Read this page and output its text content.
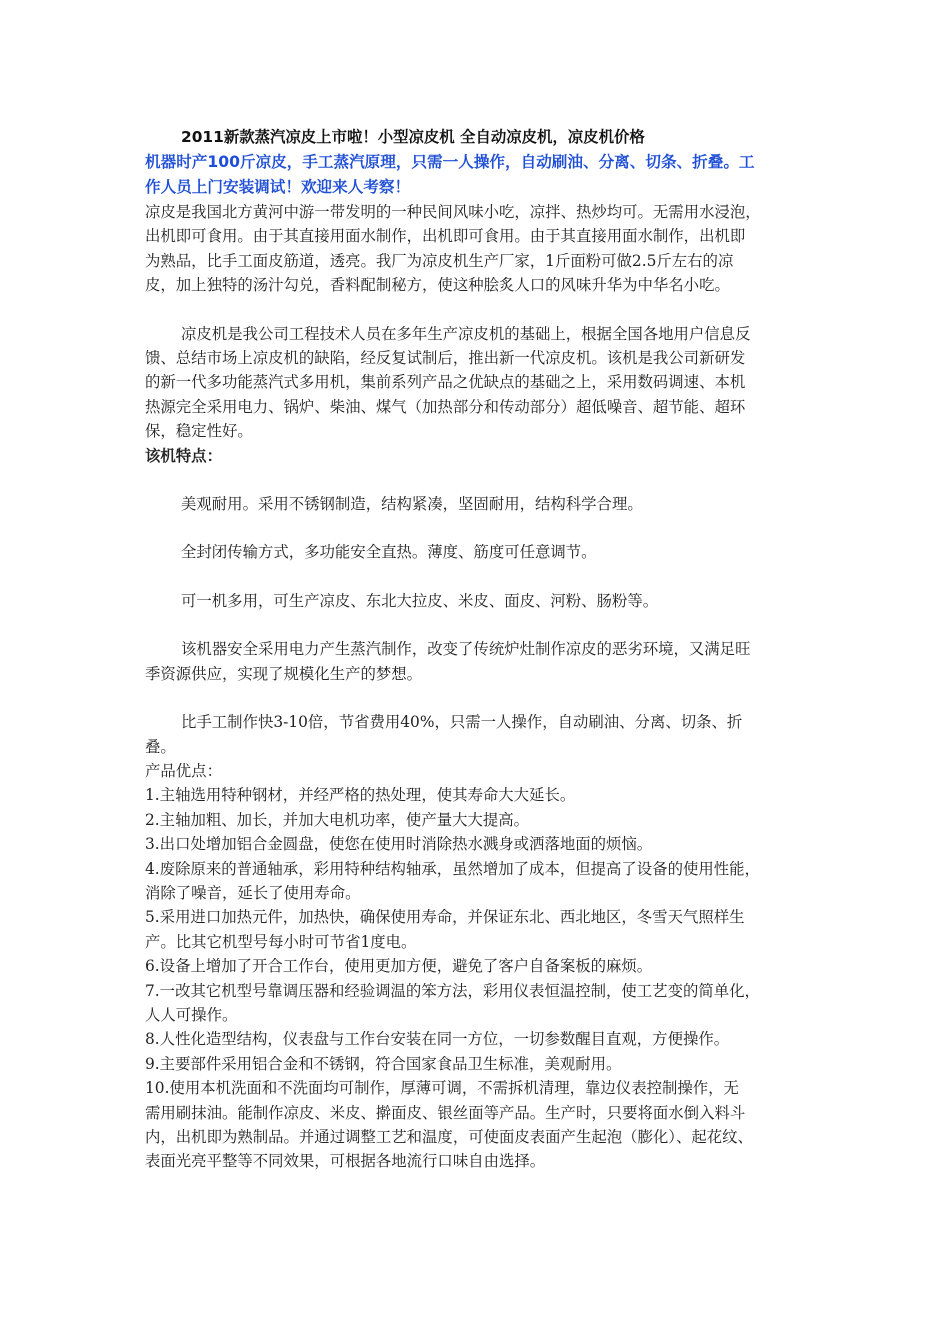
2011新款蒸汽凉皮上市啦！小型凉皮机 全自动凉皮机，凉皮机价格

机器时产100斤凉皮，手工蒸汽原理，只需一人操作，自动刷油、分离、切条、折叠。工

作人员上门安装调试！欢迎来人考察！

凉皮是我国北方黄河中游一带发明的一种民间风味小吃，凉拌、热炒均可。无需用水浸泡，

出机即可食用。由于其直接用面水制作，出机即可食用。由于其直接用面水制作，出机即

为熟品，比手工面皮筋道，透亮。我厂为凉皮机生产厂家，1斤面粉可做2.5斤左右的凉

皮，加上独特的汤汁勾兑，香料配制秘方，使这种脍炙人口的风味升华为中华名小吃。

凉皮机是我公司工程技术人员在多年生产凉皮机的基础上，根据全国各地用户信息反

馈、总结市场上凉皮机的缺陷，经反复试制后，推出新一代凉皮机。该机是我公司新研发

的新一代多功能蒸汽式多用机，集前系列产品之优缺点的基础之上，采用数码调速、本机

热源完全采用电力、锅炉、柴油、煤气（加热部分和传动部分）超低噪音、超节能、超环

保，稳定性好。

该机特点：

美观耐用。采用不锈钢制造，结构紧凑，坚固耐用，结构科学合理。

全封闭传输方式，多功能安全直热。薄度、筋度可任意调节。

可一机多用，可生产凉皮、东北大拉皮、米皮、面皮、河粉、肠粉等。

该机器安全采用电力产生蒸汽制作，改变了传统炉灶制作凉皮的恶劣环境，又满足旺

季资源供应，实现了规模化生产的梦想。

比手工制作快3-10倍，节省费用40%，只需一人操作，自动刷油、分离、切条、折

叠。

产品优点：

1.主轴选用特种钢材，并经严格的热处理，使其寿命大大延长。

2.主轴加粗、加长，并加大电机功率，使产量大大提高。

3.出口处增加铝合金圆盘，使您在使用时消除热水溅身或洒落地面的烦恼。

4.废除原来的普通轴承，彩用特种结构轴承，虽然增加了成本，但提高了设备的使用性能，

消除了噪音，延长了使用寿命。

5.采用进口加热元件，加热快，确保使用寿命，并保证东北、西北地区，冬雪天气照样生

产。比其它机型号每小时可节省1度电。

6.设备上增加了开合工作台，使用更加方便，避免了客户自备案板的麻烦。

7.一改其它机型号靠调压器和经验调温的笨方法，彩用仪表恒温控制，使工艺变的简单化，

人人可操作。

8.人性化造型结构，仪表盘与工作台安装在同一方位，一切参数醒目直观，方便操作。

9.主要部件采用铝合金和不锈钢，符合国家食品卫生标准，美观耐用。

10.使用本机洗面和不洗面均可制作，厚薄可调，不需拆机清理，靠边仪表控制操作，无

需用刷抹油。能制作凉皮、米皮、擀面皮、银丝面等产品。生产时，只要将面水倒入料斗

内，出机即为熟制品。并通过调整工艺和温度，可使面皮表面产生起泡（膨化）、起花纹、

表面光亮平整等不同效果，可根据各地流行口味自由选择。
